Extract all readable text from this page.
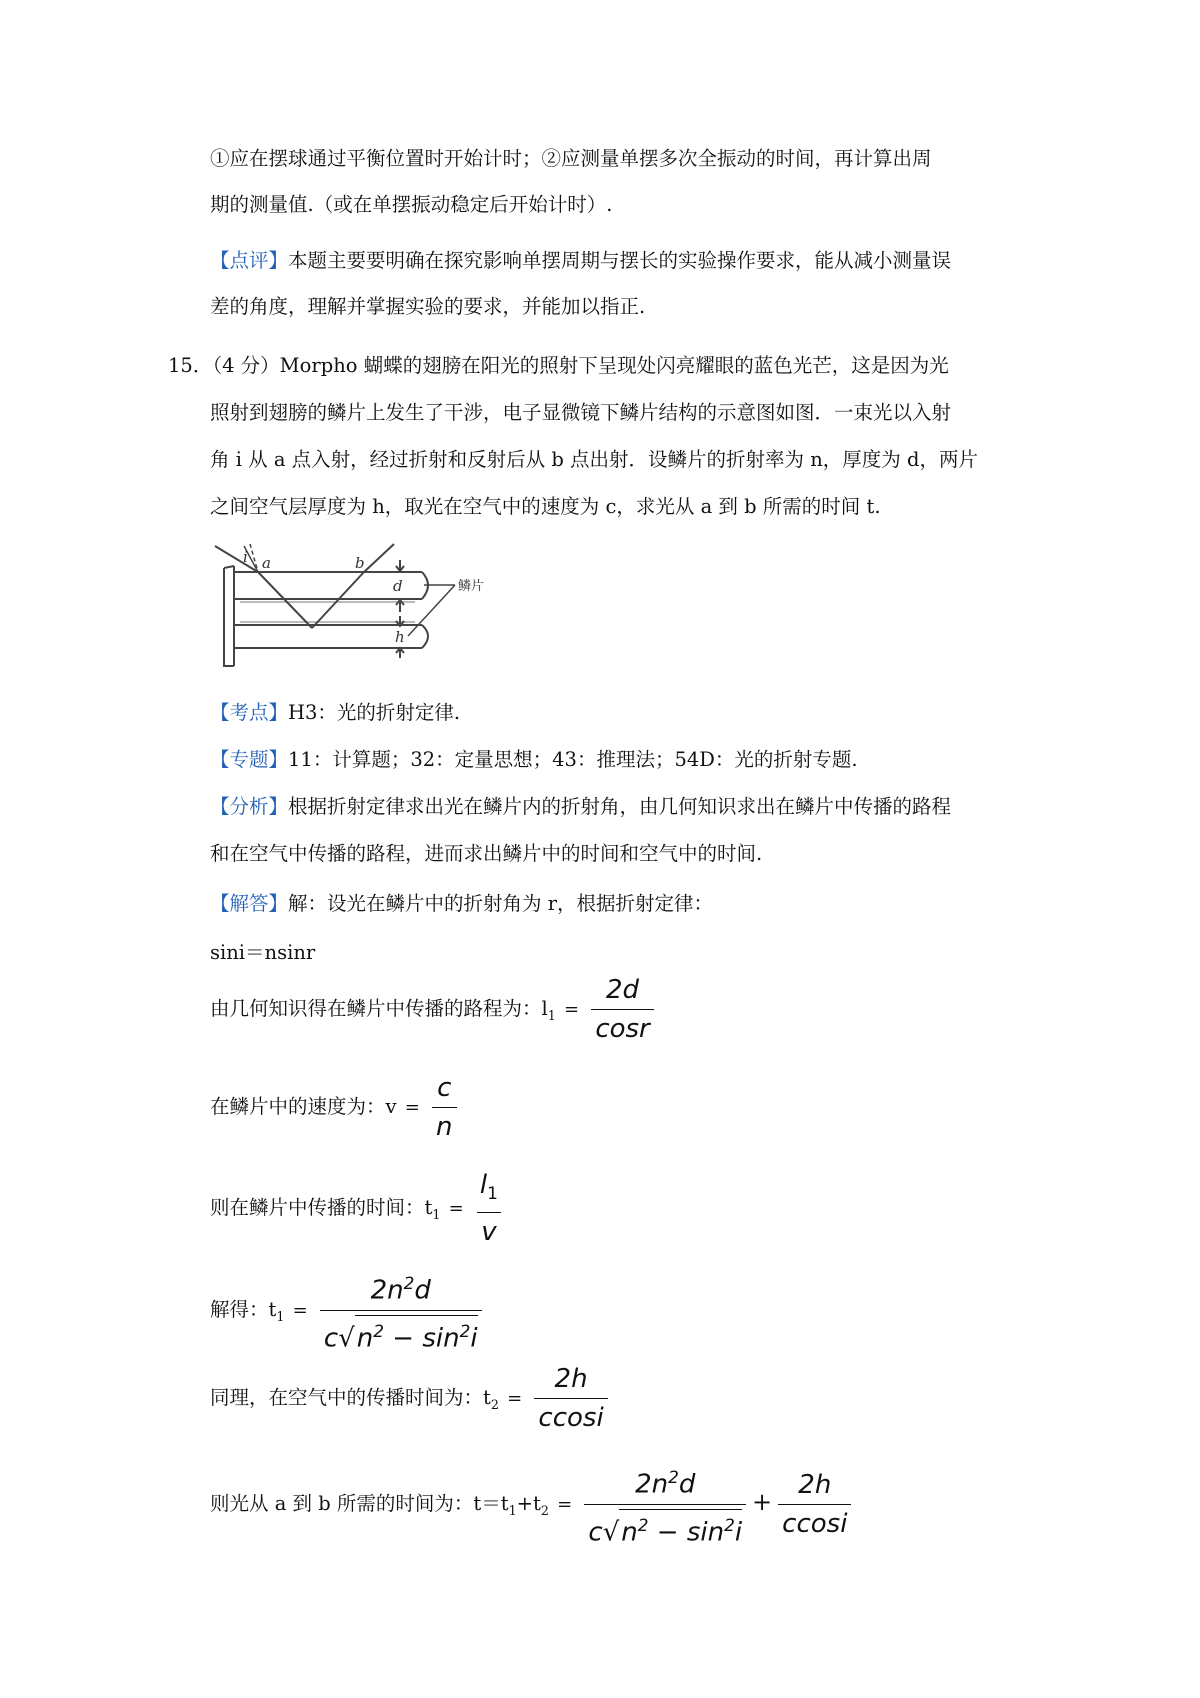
①应在摆球通过平衡位置时开始计时；②应测量单摆多次全振动的时间，再计算出周
期的测量值.（或在单摆振动稳定后开始计时）.
【点评】本题主要要明确在探究影响单摆周期与摆长的实验操作要求，能从减小测量误
差的角度，理解并掌握实验的要求，并能加以指正.
15．（4 分）Morpho 蝴蝶的翅膀在阳光的照射下呈现处闪亮耀眼的蓝色光芒，这是因为光
照射到翅膀的鳞片上发生了干涉，电子显微镜下鳞片结构的示意图如图．一束光以入射
角 i 从 a 点入射，经过折射和反射后从 b 点出射．设鳞片的折射率为 n，厚度为 d，两片
之间空气层厚度为 h，取光在空气中的速度为 c，求光从 a 到 b 所需的时间 t.
i a	b
d
h
鳞片
【考点】H3：光的折射定律.
【专题】11：计算题；32：定量思想；43：推理法；54D：光的折射专题.
【分析】根据折射定律求出光在鳞片内的折射角，由几何知识求出在鳞片中传播的路程
和在空气中传播的路程，进而求出鳞片中的时间和空气中的时间.
【解答】解：设光在鳞片中的折射角为 r，根据折射定律：
sini＝nsinr
由几何知识得在鳞片中传播的路程为：$l_1 = \frac{2d}{\cos r}$
在鳞片中的速度为：$v = \frac{c}{n}$
则在鳞片中传播的时间：$t_1 = \frac{l_1}{v}$
解得：$t_1 = \frac{2n^2d}{c√n^2 - \sin^2i}$
同理，在空气中的传播时间为：$t_2 = \frac{2h}{ccosi}$
则光从 a 到 b 所需的时间为：$t=t_1+t_2 = \frac{2n^2d}{c√n^2 - \sin^2i} + \frac{2h}{ccosi}$
